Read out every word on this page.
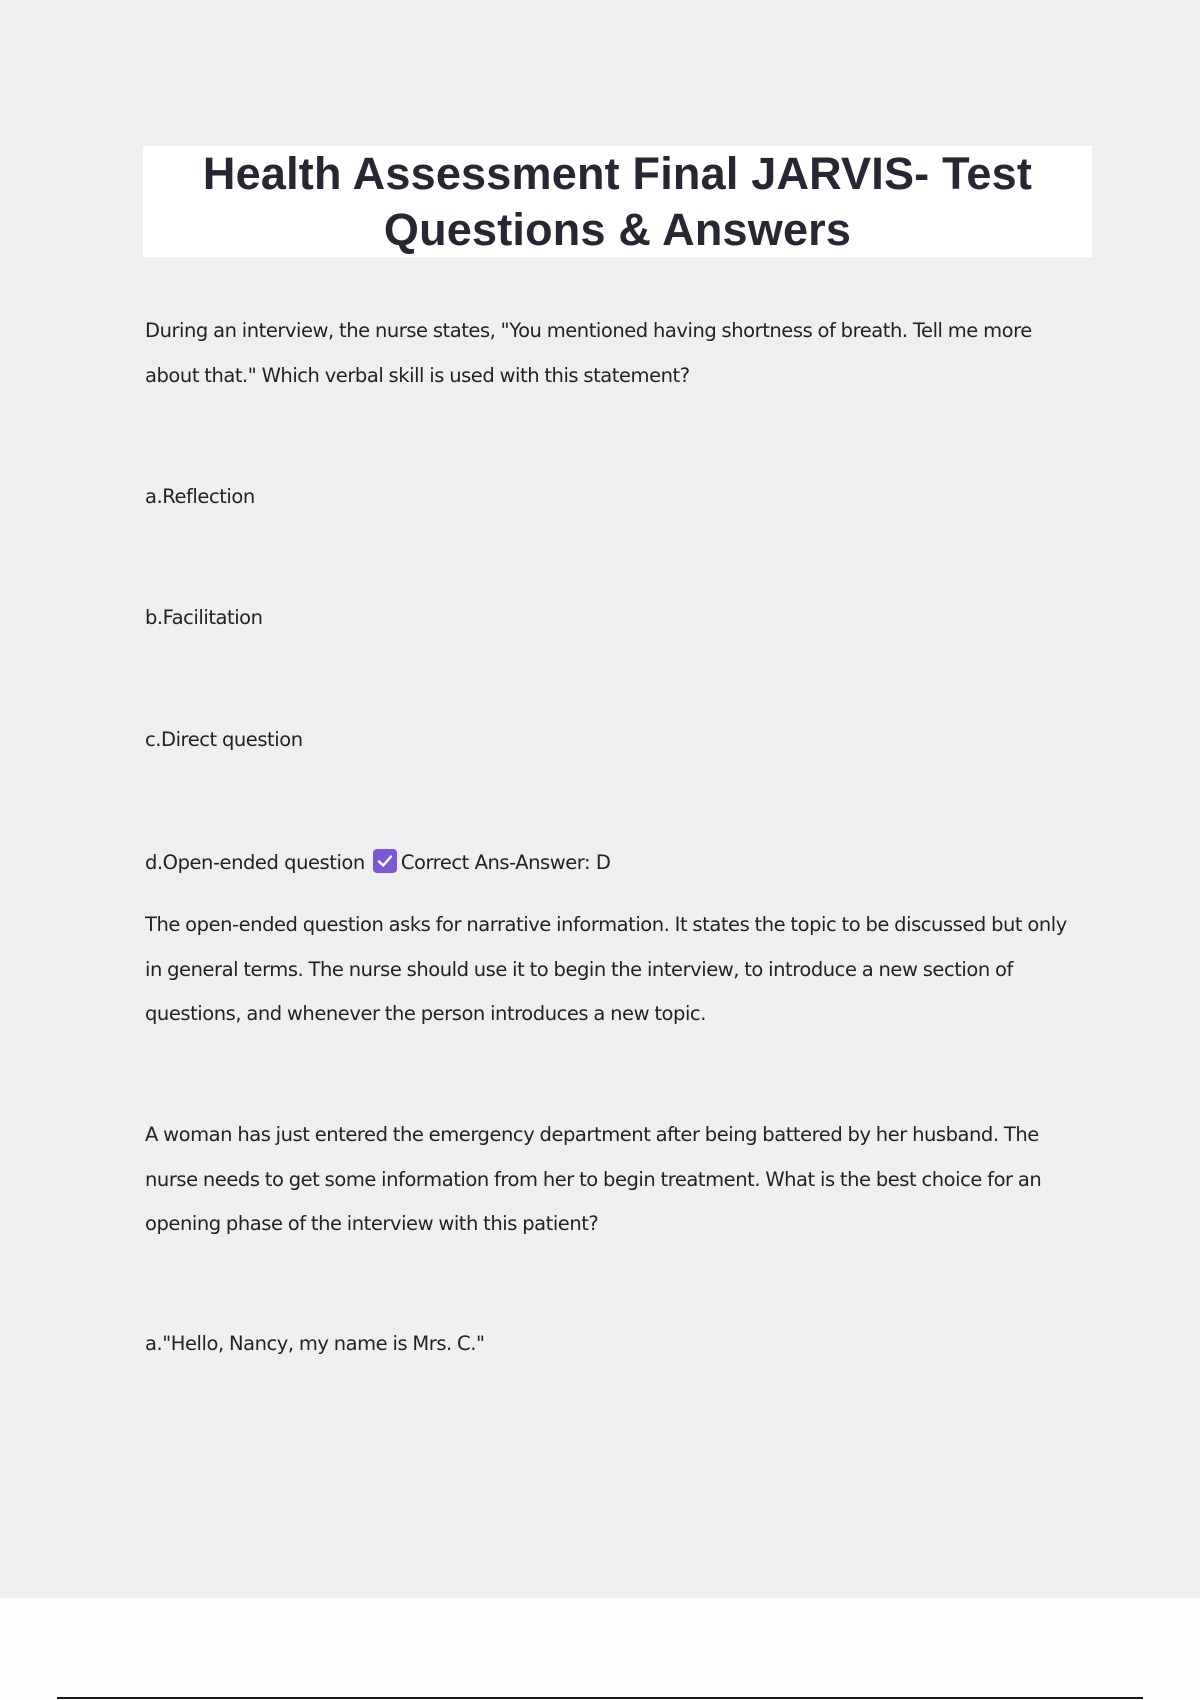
Health Assessment Final JARVIS- Test Questions & Answers

During an interview, the nurse states, "You mentioned having shortness of breath. Tell me more about that." Which verbal skill is used with this statement?

a.Reflection

b.Facilitation

c.Direct question

d.Open-ended question Correct Ans-Answer: D

The open-ended question asks for narrative information. It states the topic to be discussed but only in general terms. The nurse should use it to begin the interview, to introduce a new section of questions, and whenever the person introduces a new topic.

A woman has just entered the emergency department after being battered by her husband. The nurse needs to get some information from her to begin treatment. What is the best choice for an opening phase of the interview with this patient?

a."Hello, Nancy, my name is Mrs. C."
